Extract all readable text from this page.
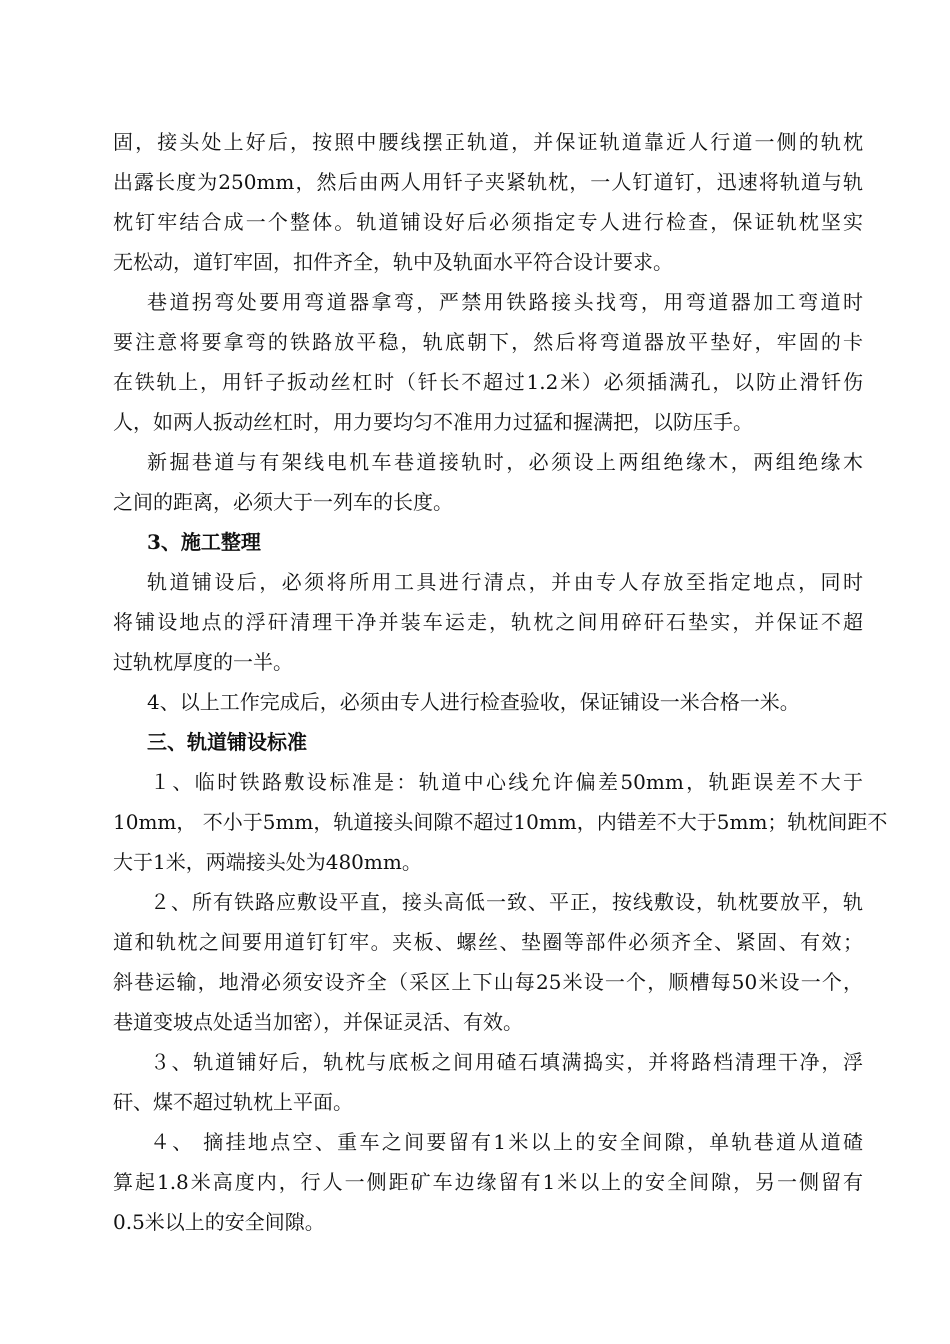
固，接头处上好后，按照中腰线摆正轨道，并保证轨道靠近人行道一侧的轨枕

出露长度为250mm，然后由两人用钎子夹紧轨枕，一人钉道钉，迅速将轨道与轨

枕钉牢结合成一个整体。轨道铺设好后必须指定专人进行检查，保证轨枕坚实

无松动，道钉牢固，扣件齐全，轨中及轨面水平符合设计要求。

巷道拐弯处要用弯道器拿弯，严禁用铁路接头找弯，用弯道器加工弯道时

要注意将要拿弯的铁路放平稳，轨底朝下，然后将弯道器放平垫好，牢固的卡

在铁轨上，用钎子扳动丝杠时（钎长不超过1.2米）必须插满孔，以防止滑钎伤

人，如两人扳动丝杠时，用力要均匀不准用力过猛和握满把，以防压手。

新掘巷道与有架线电机车巷道接轨时，必须设上两组绝缘木，两组绝缘木

之间的距离，必须大于一列车的长度。

3、施工整理

轨道铺设后，必须将所用工具进行清点，并由专人存放至指定地点，同时

将铺设地点的浮矸清理干净并装车运走，轨枕之间用碎矸石垫实，并保证不超

过轨枕厚度的一半。

4、以上工作完成后，必须由专人进行检查验收，保证铺设一米合格一米。

三、轨道铺设标准

１、临时铁路敷设标准是：轨道中心线允许偏差50mm，轨距误差不大于

10mm， 不小于5mm，轨道接头间隙不超过10mm，内错差不大于5mm；轨枕间距不

大于1米，两端接头处为480mm。

２、所有铁路应敷设平直，接头高低一致、平正，按线敷设，轨枕要放平，轨

道和轨枕之间要用道钉钉牢。夹板、螺丝、垫圈等部件必须齐全、紧固、有效；

斜巷运输，地滑必须安设齐全（采区上下山每25米设一个，顺槽每50米设一个，

巷道变坡点处适当加密），并保证灵活、有效。

３、轨道铺好后，轨枕与底板之间用碴石填满捣实，并将路档清理干净，浮

矸、煤不超过轨枕上平面。

４、 摘挂地点空、重车之间要留有1米以上的安全间隙，单轨巷道从道碴

算起1.8米高度内，行人一侧距矿车边缘留有1米以上的安全间隙，另一侧留有

0.5米以上的安全间隙。
